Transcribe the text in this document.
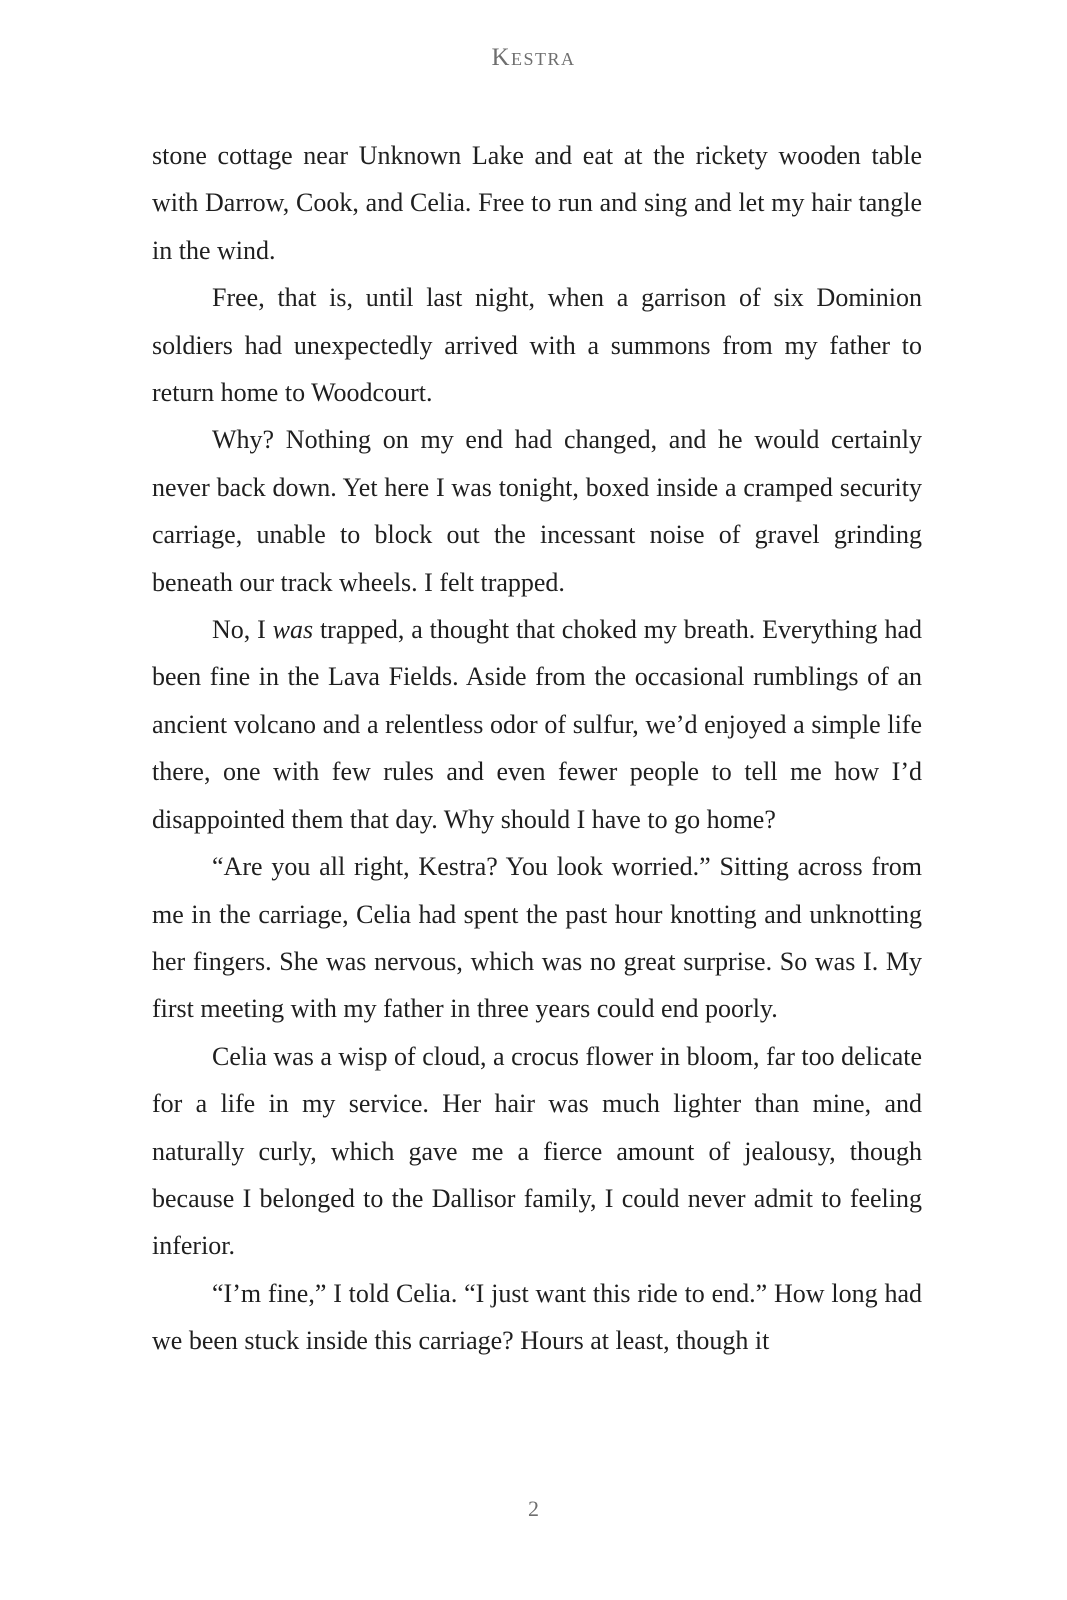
Kestra

stone cottage near Unknown Lake and eat at the rickety wooden table with Darrow, Cook, and Celia. Free to run and sing and let my hair tangle in the wind.

Free, that is, until last night, when a garrison of six Dominion soldiers had unexpectedly arrived with a summons from my father to return home to Woodcourt.

Why? Nothing on my end had changed, and he would certainly never back down. Yet here I was tonight, boxed inside a cramped security carriage, unable to block out the incessant noise of gravel grinding beneath our track wheels. I felt trapped.

No, I was trapped, a thought that choked my breath. Everything had been fine in the Lava Fields. Aside from the occasional rumblings of an ancient volcano and a relentless odor of sulfur, we’d enjoyed a simple life there, one with few rules and even fewer people to tell me how I’d disappointed them that day. Why should I have to go home?

“Are you all right, Kestra? You look worried.” Sitting across from me in the carriage, Celia had spent the past hour knotting and unknotting her fingers. She was nervous, which was no great surprise. So was I. My first meeting with my father in three years could end poorly.

Celia was a wisp of cloud, a crocus flower in bloom, far too delicate for a life in my service. Her hair was much lighter than mine, and naturally curly, which gave me a fierce amount of jealousy, though because I belonged to the Dallisor family, I could never admit to feeling inferior.

“I’m fine,” I told Celia. “I just want this ride to end.” How long had we been stuck inside this carriage? Hours at least, though it

2
